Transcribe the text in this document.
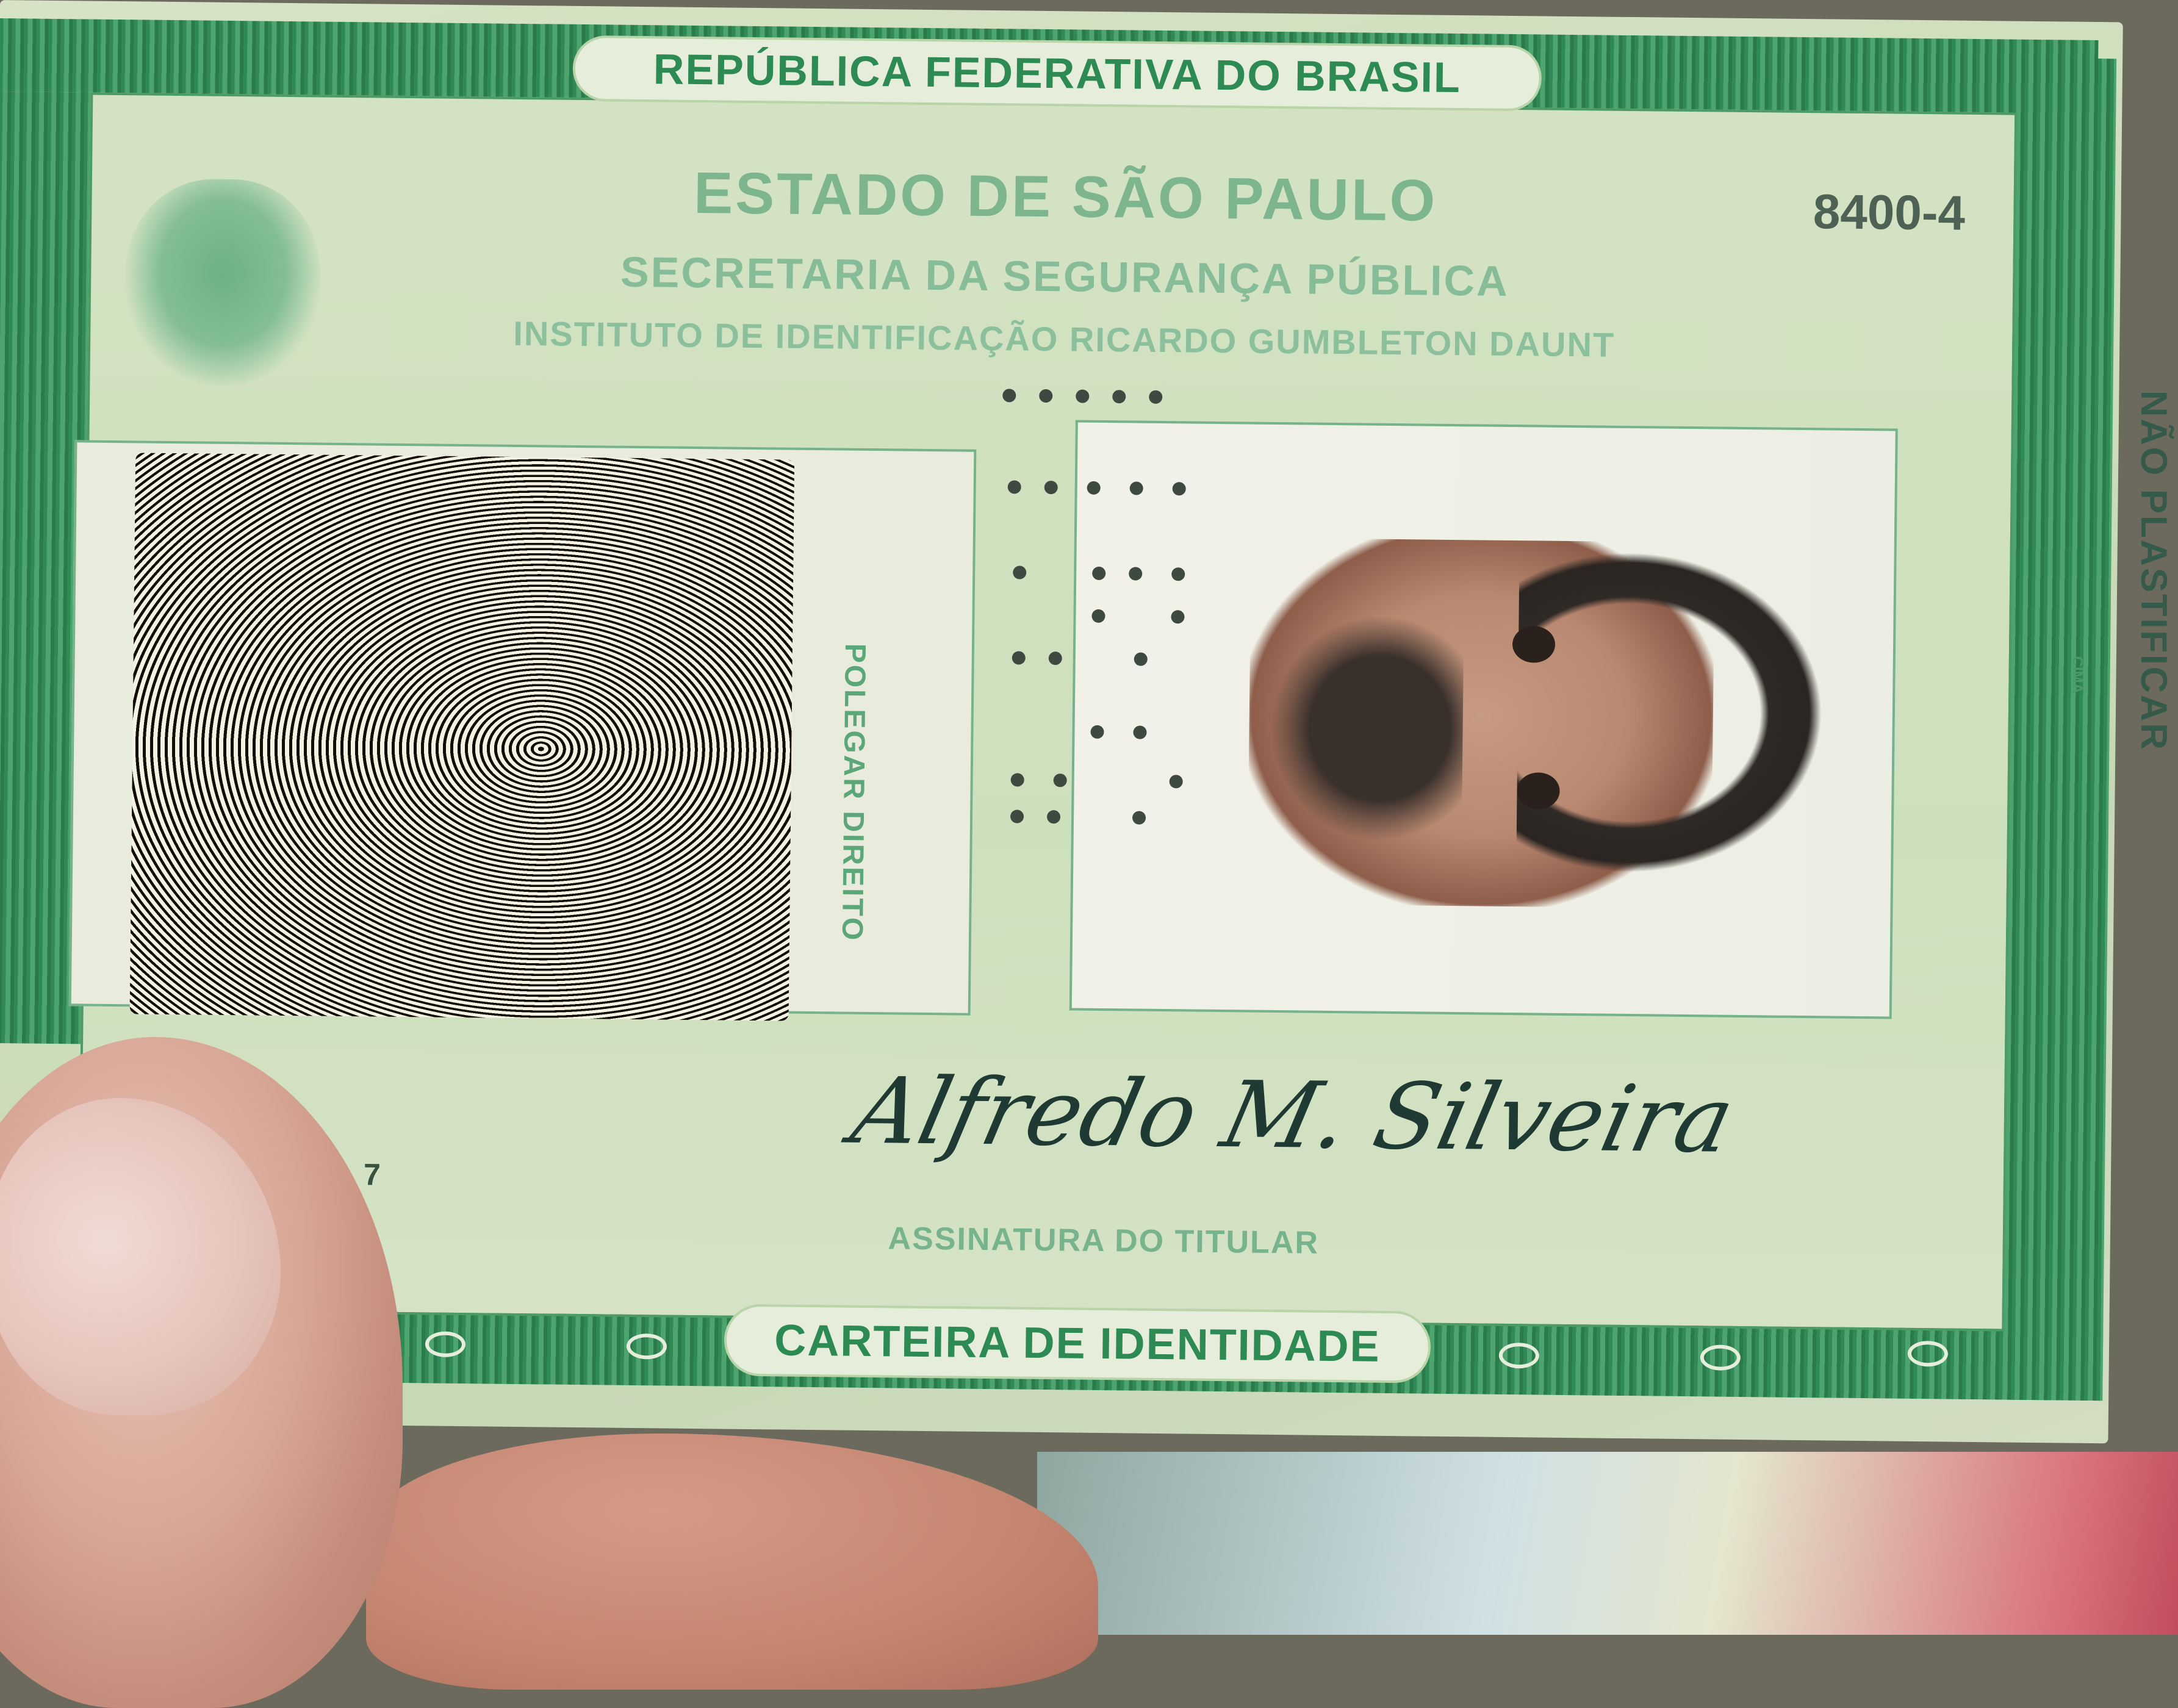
REPÚBLICA FEDERATIVA DO BRASIL
ESTADO DE SÃO PAULO
SECRETARIA DA SEGURANÇA PÚBLICA
INSTITUTO DE IDENTIFICAÇÃO RICARDO GUMBLETON DAUNT
8400-4
POLEGAR DIREITO
Alfredo M. Silveira
7
ASSINATURA DO TITULAR
CARTEIRA DE IDENTIDADE
CIMA NÃO PLASTIFICAR
